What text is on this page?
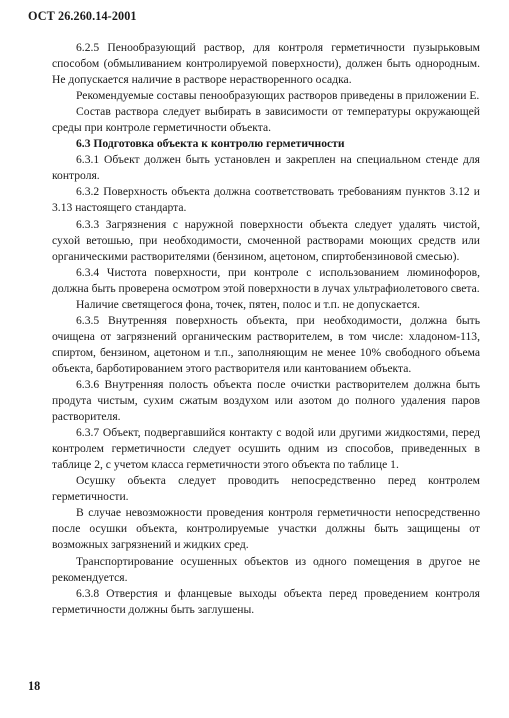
ОСТ 26.260.14-2001

6.2.5 Пенообразующий раствор, для контроля герметичности пузырьковым способом (обмыливанием контролируемой поверхности), должен быть однородным. Не допускается наличие в растворе нерастворенного осадка.

Рекомендуемые составы пенообразующих растворов приведены в приложении Е.

Состав раствора следует выбирать в зависимости от температуры окружающей среды при контроле герметичности объекта.

6.3 Подготовка объекта к контролю герметичности

6.3.1 Объект должен быть установлен и закреплен на специальном стенде для контроля.

6.3.2 Поверхность объекта должна соответствовать требованиям пунктов 3.12 и 3.13 настоящего стандарта.

6.3.3 Загрязнения с наружной поверхности объекта следует удалять чистой, сухой ветошью, при необходимости, смоченной растворами моющих средств или органическими растворителями (бензином, ацетоном, спиртобензиновой смесью).

6.3.4 Чистота поверхности, при контроле с использованием люминофоров, должна быть проверена осмотром этой поверхности в лучах ультрафиолетового света.

Наличие светящегося фона, точек, пятен, полос и т.п. не допускается.

6.3.5 Внутренняя поверхность объекта, при необходимости, должна быть очищена от загрязнений органическим растворителем, в том числе: хладоном-113, спиртом, бензином, ацетоном и т.п., заполняющим не менее 10% свободного объема объекта, барботированием этого растворителя или кантованием объекта.

6.3.6 Внутренняя полость объекта после очистки растворителем должна быть продута чистым, сухим сжатым воздухом или азотом до полного удаления паров растворителя.

6.3.7 Объект, подвергавшийся контакту с водой или другими жидкостями, перед контролем герметичности следует осушить одним из способов, приведенных в таблице 2, с учетом класса герметичности этого объекта по таблице 1.

Осушку объекта следует проводить непосредственно перед контролем герметичности.

В случае невозможности проведения контроля герметичности непосредственно после осушки объекта, контролируемые участки должны быть защищены от возможных загрязнений и жидких сред.

Транспортирование осушенных объектов из одного помещения в другое не рекомендуется.

6.3.8 Отверстия и фланцевые выходы объекта перед проведением контроля герметичности должны быть заглушены.

18
